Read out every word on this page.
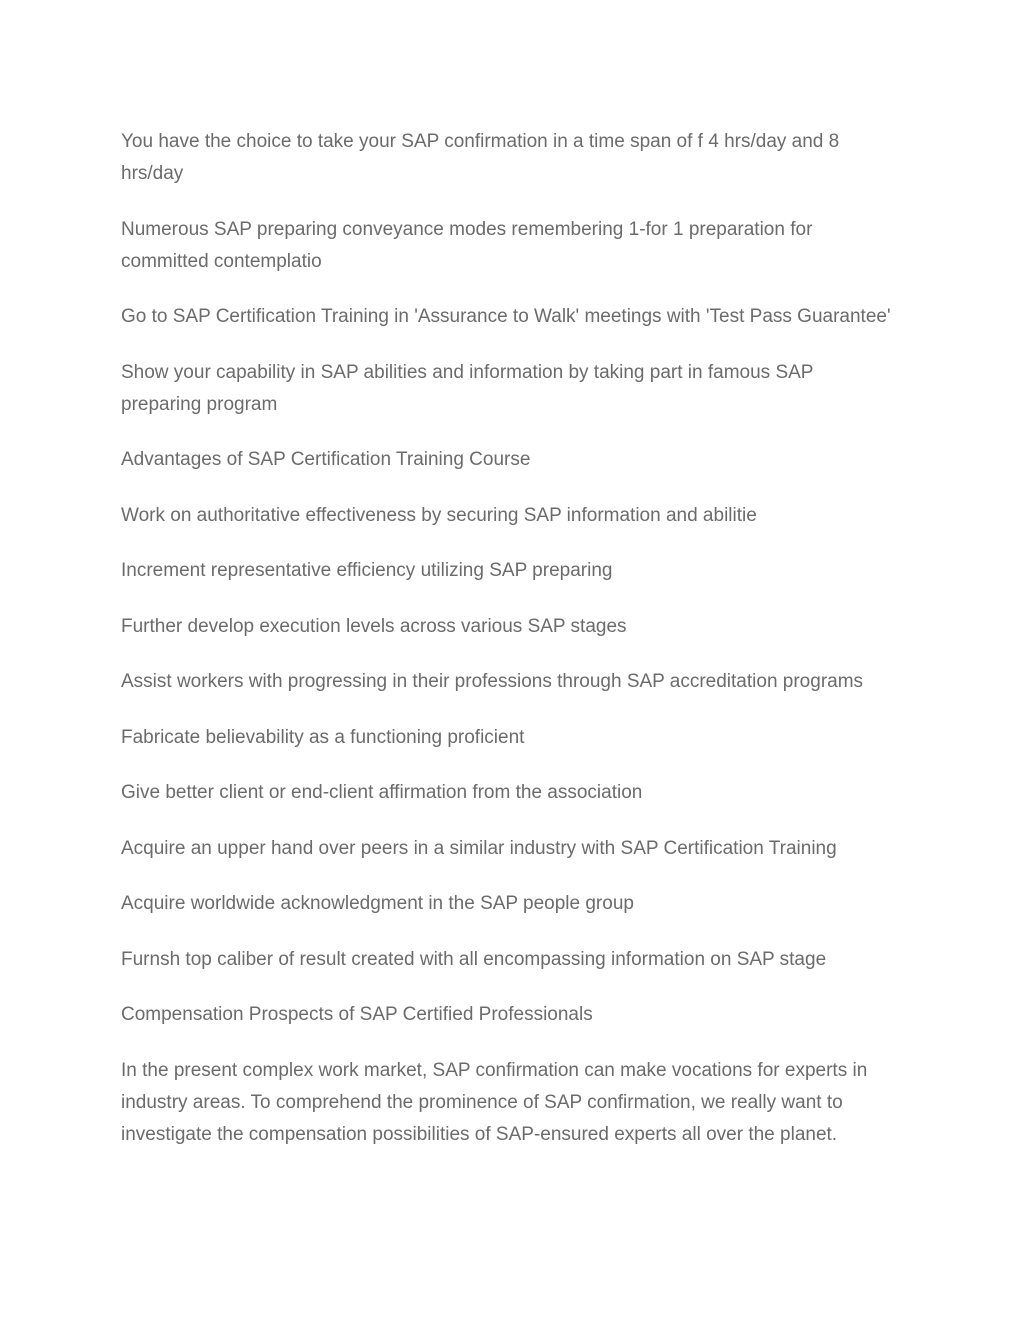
You have the choice to take your SAP confirmation in a time span of f 4 hrs/day and 8 hrs/day

Numerous SAP preparing conveyance modes remembering 1-for 1 preparation for committed contemplatio

Go to SAP Certification Training in 'Assurance to Walk' meetings with 'Test Pass Guarantee'

Show your capability in SAP abilities and information by taking part in famous SAP preparing program

Advantages of SAP Certification Training Course

Work on authoritative effectiveness by securing SAP information and abilitie

Increment representative efficiency utilizing SAP preparing

Further develop execution levels across various SAP stages

Assist workers with progressing in their professions through SAP accreditation programs

Fabricate believability as a functioning proficient

Give better client or end-client affirmation from the association

Acquire an upper hand over peers in a similar industry with SAP Certification Training

Acquire worldwide acknowledgment in the SAP people group

Furnsh top caliber of result created with all encompassing information on SAP stage

Compensation Prospects of SAP Certified Professionals

In the present complex work market, SAP confirmation can make vocations for experts in industry areas. To comprehend the prominence of SAP confirmation, we really want to investigate the compensation possibilities of SAP-ensured experts all over the planet.
